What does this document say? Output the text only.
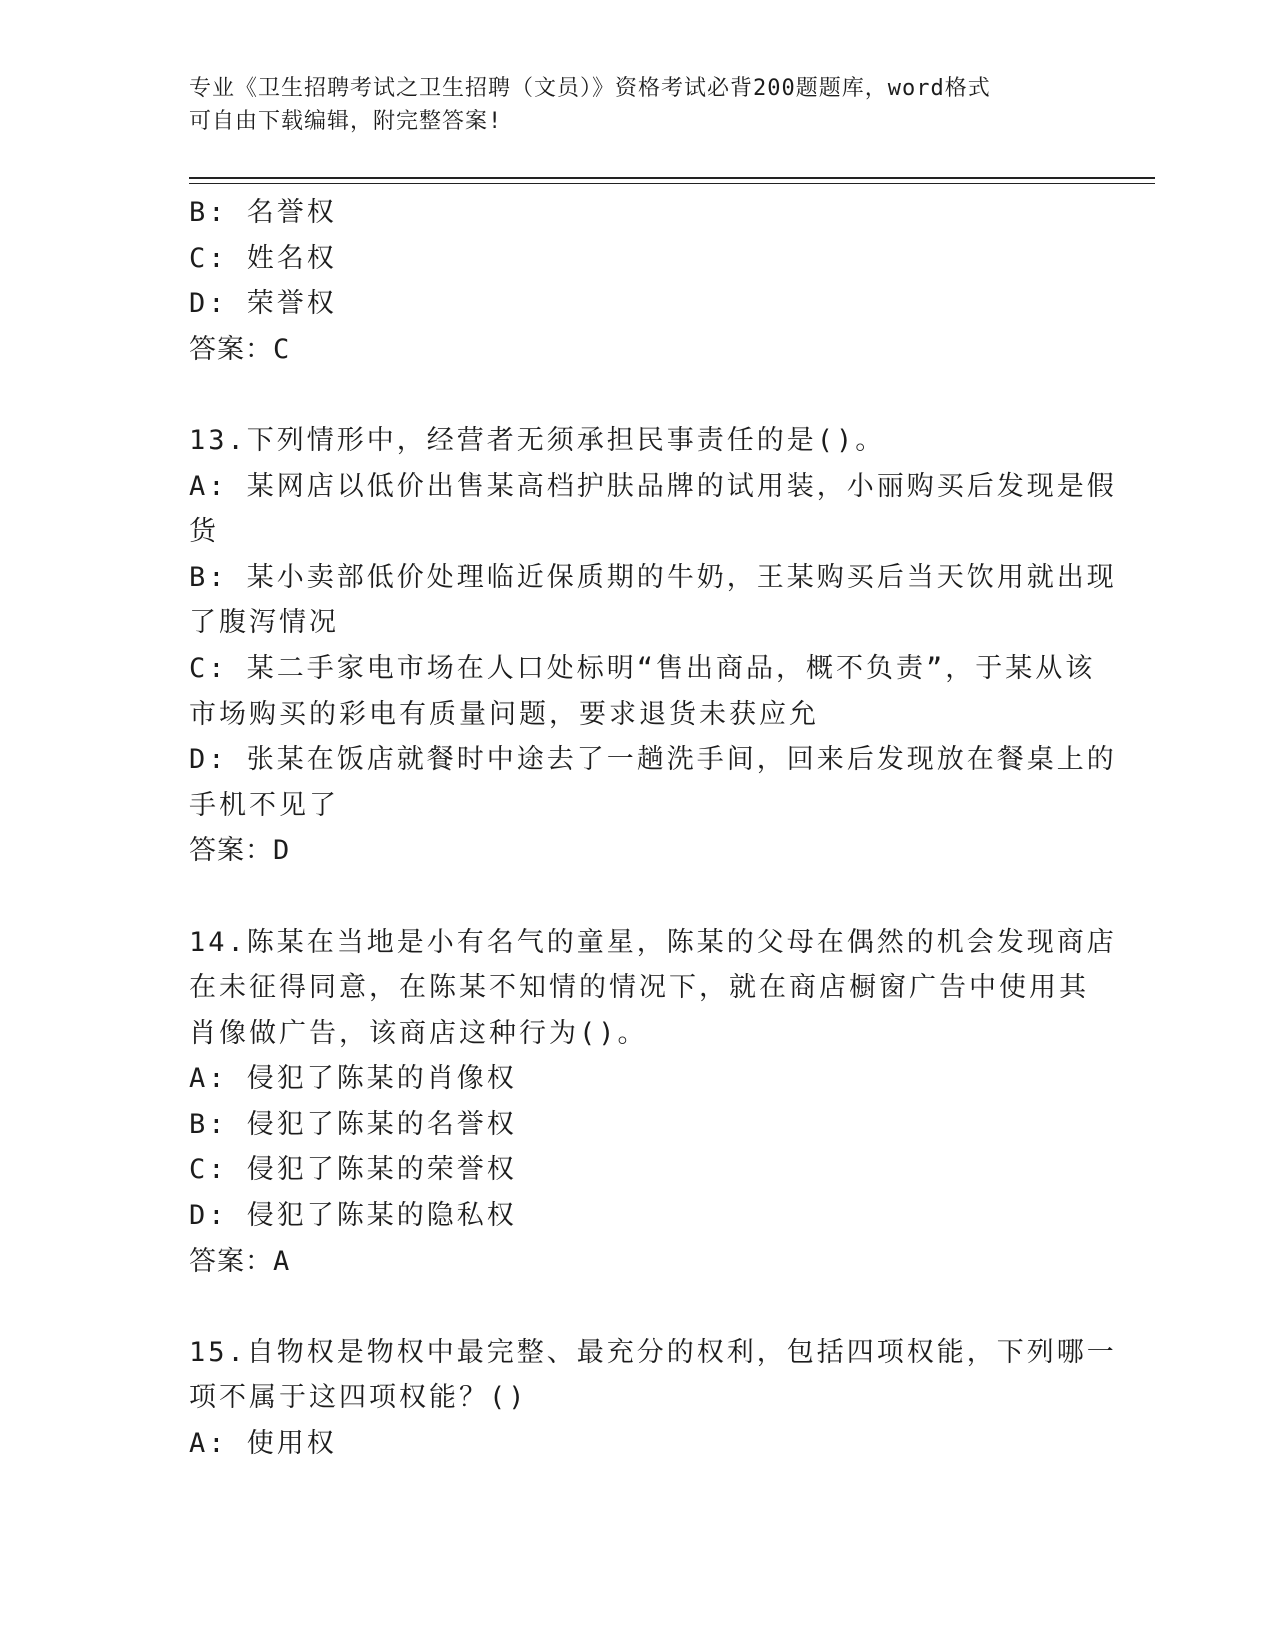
专业《卫生招聘考试之卫生招聘（文员）》资格考试必背200题题库，word格式
可自由下载编辑，附完整答案!

B: 名誉权

C: 姓名权

D: 荣誉权

答案：C

13.下列情形中，经营者无须承担民事责任的是()。

A: 某网店以低价出售某高档护肤品牌的试用装，小丽购买后发现是假

货

B: 某小卖部低价处理临近保质期的牛奶，王某购买后当天饮用就出现

了腹泻情况

C: 某二手家电市场在人口处标明“售出商品，概不负责”，于某从该

市场购买的彩电有质量问题，要求退货未获应允

D: 张某在饭店就餐时中途去了一趟洗手间，回来后发现放在餐桌上的

手机不见了

答案：D

14.陈某在当地是小有名气的童星，陈某的父母在偶然的机会发现商店

在未征得同意，在陈某不知情的情况下，就在商店橱窗广告中使用其

肖像做广告，该商店这种行为()。

A: 侵犯了陈某的肖像权

B: 侵犯了陈某的名誉权

C: 侵犯了陈某的荣誉权

D: 侵犯了陈某的隐私权

答案：A

15.自物权是物权中最完整、最充分的权利，包括四项权能，下列哪一

项不属于这四项权能？()

A: 使用权
